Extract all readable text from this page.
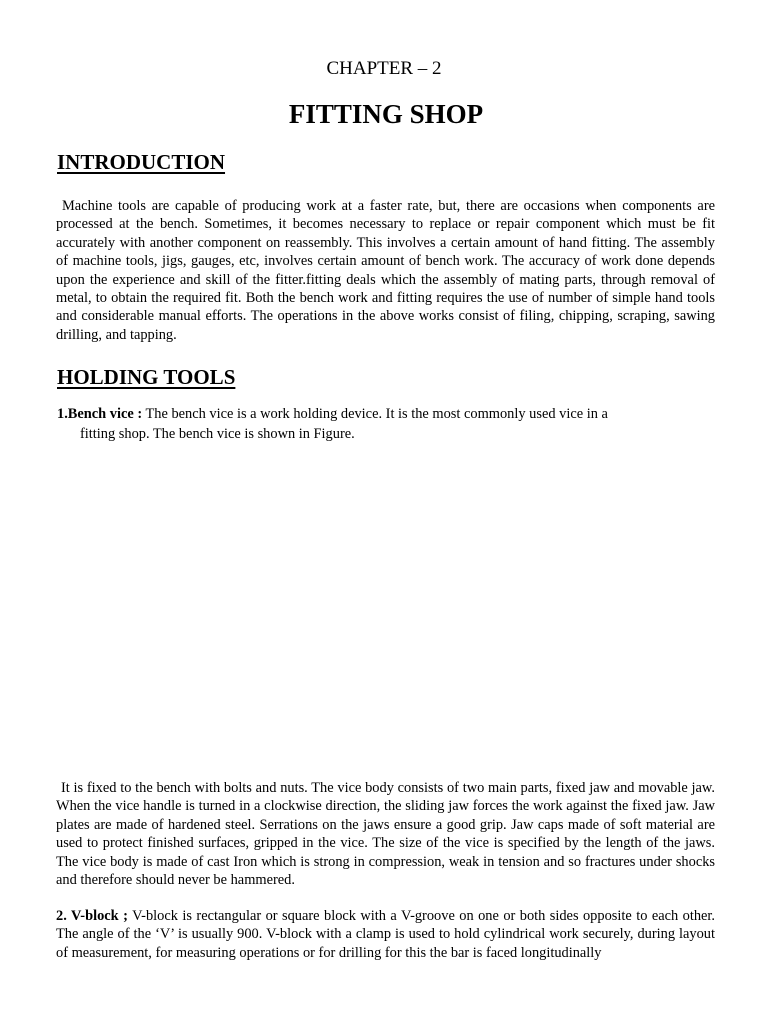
CHAPTER – 2
FITTING SHOP
INTRODUCTION

Machine tools are capable of producing work at a faster rate, but, there are occasions when components are processed at the bench. Sometimes, it becomes necessary to replace or repair component which must be fit accurately with another component on reassembly. This involves a certain amount of hand fitting. The assembly of machine tools, jigs, gauges, etc, involves certain amount of bench work. The accuracy of work done depends upon the experience and skill of the fitter.fitting deals which the assembly of mating parts, through removal of metal, to obtain the required fit. Both the bench work and fitting requires the use of number of simple hand tools and considerable manual efforts. The operations in the above works consist of filing, chipping, scraping, sawing drilling, and tapping.

HOLDING TOOLS

1.Bench vice : The bench vice is a work holding device. It is the most commonly used vice in a

fitting shop. The bench vice is shown in Figure.

It is fixed to the bench with bolts and nuts. The vice body consists of two main parts, fixed jaw and movable jaw. When the vice handle is turned in a clockwise direction, the sliding jaw forces the work against the fixed jaw. Jaw plates are made of hardened steel. Serrations on the jaws ensure a good grip. Jaw caps made of soft material are used to protect finished surfaces, gripped in the vice. The size of the vice is specified by the length of the jaws. The vice body is made of cast Iron which is strong in compression, weak in tension and so fractures under shocks and therefore should never be hammered.

2. V-block ; V-block is rectangular or square block with a V-groove on one or both sides opposite to each other. The angle of the ‘V’ is usually 900. V-block with a clamp is used to hold cylindrical work securely, during layout of measurement, for measuring operations or for drilling for this the bar is faced longitudinally
